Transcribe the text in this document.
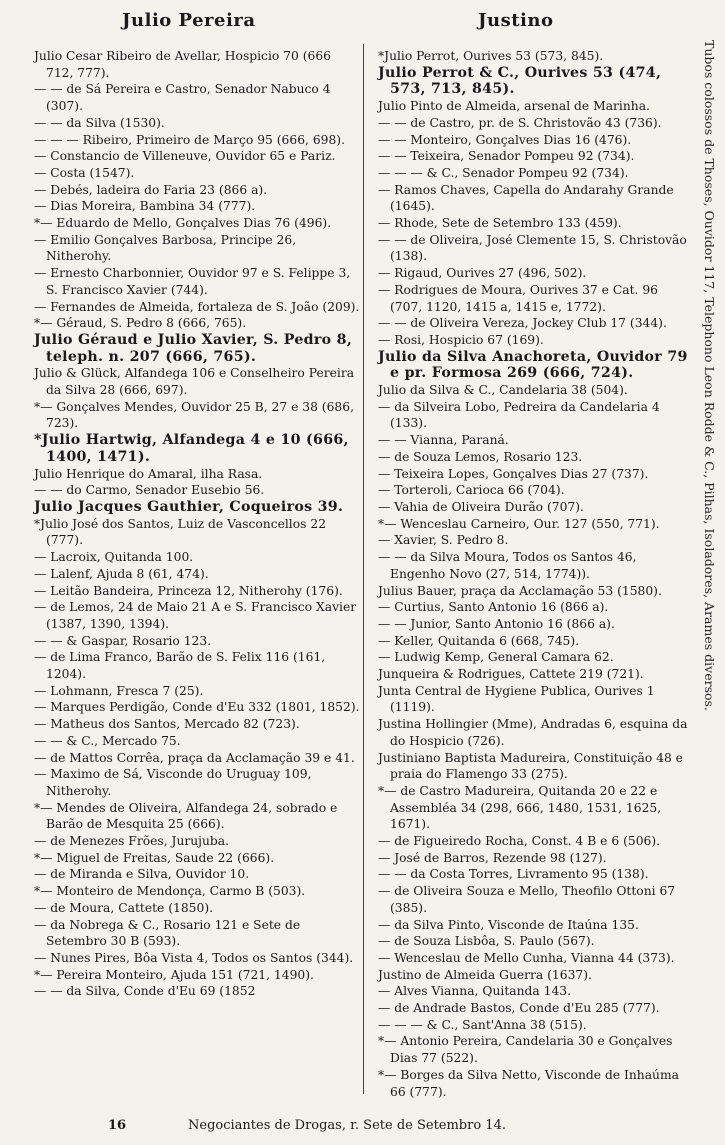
Julio Pereira	Justino

Julio Cesar Ribeiro de Avellar, Hospicio 70 (666 712, 777).

— — de Sá Pereira e Castro, Senador Nabuco 4 (307).

— — da Silva (1530).

— — — Ribeiro, Primeiro de Março 95 (666, 698).

— Constancio de Villeneuve, Ouvidor 65 e Pariz.

— Costa (1547).

— Debés, ladeira do Faria 23 (866 a).

— Dias Moreira, Bambina 34 (777).

*— Eduardo de Mello, Gonçalves Dias 76 (496).

— Emilio Gonçalves Barbosa, Principe 26, Nitherohy.

— Ernesto Charbonnier, Ouvidor 97 e S. Felippe 3, S. Francisco Xavier (744).

— Fernandes de Almeida, fortaleza de S. João (209).

*— Géraud, S. Pedro 8 (666, 765).

Julio Géraud e Julio Xavier, S. Pedro 8, teleph. n. 207 (666, 765).

Julio & Glück, Alfandega 106 e Conselheiro Pereira da Silva 28 (666, 697).

*— Gonçalves Mendes, Ouvidor 25 B, 27 e 38 (686, 723).

*Julio Hartwig, Alfandega 4 e 10 (666, 1400, 1471).

Julio Henrique do Amaral, ilha Rasa.

— — do Carmo, Senador Eusebio 56.

Julio Jacques Gauthier, Coqueiros 39.

*Julio José dos Santos, Luiz de Vasconcellos 22 (777).

— Lacroix, Quitanda 100.

— Lalenf, Ajuda 8 (61, 474).

— Leitão Bandeira, Princeza 12, Nitherohy (176).

— de Lemos, 24 de Maio 21 A e S. Francisco Xavier (1387, 1390, 1394).

— — & Gaspar, Rosario 123.

— de Lima Franco, Barão de S. Felix 116 (161, 1204).

— Lohmann, Fresca 7 (25).

— Marques Perdigão, Conde d'Eu 332 (1801, 1852).

— Matheus dos Santos, Mercado 82 (723).

— — & C., Mercado 75.

— de Mattos Corrêa, praça da Acclamação 39 e 41.

— Maximo de Sá, Visconde do Uruguay 109, Nitherohy.

*— Mendes de Oliveira, Alfandega 24, sobrado e Barão de Mesquita 25 (666).

— de Menezes Frões, Jurujuba.

*— Miguel de Freitas, Saude 22 (666).

— de Miranda e Silva, Ouvidor 10.

*— Monteiro de Mendonça, Carmo B (503).

— de Moura, Cattete (1850).

— da Nobrega & C., Rosario 121 e Sete de Setembro 30 B (593).

— Nunes Pires, Bôa Vista 4, Todos os Santos (344).

*— Pereira Monteiro, Ajuda 151 (721, 1490).

— — da Silva, Conde d'Eu 69 (1852

*Julio Perrot, Ourives 53 (573, 845).

Julio Perrot & C., Ourives 53 (474, 573, 713, 845).

Julio Pinto de Almeida, arsenal de Marinha.

— — de Castro, pr. de S. Christovão 43 (736).

— — Monteiro, Gonçalves Dias 16 (476).

— — Teixeira, Senador Pompeu 92 (734).

— — — & C., Senador Pompeu 92 (734).

— Ramos Chaves, Capella do Andarahy Grande (1645).

— Rhode, Sete de Setembro 133 (459).

— — de Oliveira, José Clemente 15, S. Christovão (138).

— Rigaud, Ourives 27 (496, 502).

— Rodrigues de Moura, Ourives 37 e Cat. 96 (707, 1120, 1415 a, 1415 e, 1772).

— — de Oliveira Vereza, Jockey Club 17 (344).

— Rosi, Hospicio 67 (169).

Julio da Silva Anachoreta, Ouvidor 79 e pr. Formosa 269 (666, 724).

Julio da Silva & C., Candelaria 38 (504).

— da Silveira Lobo, Pedreira da Candelaria 4 (133).

— — Vianna, Paraná.

— de Souza Lemos, Rosario 123.

— Teixeira Lopes, Gonçalves Dias 27 (737).

— Torteroli, Carioca 66 (704).

— Vahia de Oliveira Durão (707).

*— Wenceslau Carneiro, Our. 127 (550, 771).

— Xavier, S. Pedro 8.

— — da Silva Moura, Todos os Santos 46, Engenho Novo (27, 514, 1774)).

Julius Bauer, praça da Acclamação 53 (1580).

— Curtius, Santo Antonio 16 (866 a).

— — Junior, Santo Antonio 16 (866 a).

— Keller, Quitanda 6 (668, 745).

— Ludwig Kemp, General Camara 62.

Junqueira & Rodrigues, Cattete 219 (721).

Junta Central de Hygiene Publica, Ourives 1 (1119).

Justina Hollingier (Mme), Andradas 6, esquina da do Hospicio (726).

Justiniano Baptista Madureira, Constituição 48 e praia do Flamengo 33 (275).

*— de Castro Madureira, Quitanda 20 e 22 e Assembléa 34 (298, 666, 1480, 1531, 1625, 1671).

— de Figueiredo Rocha, Const. 4 B e 6 (506).

— José de Barros, Rezende 98 (127).

— — da Costa Torres, Livramento 95 (138).

— de Oliveira Souza e Mello, Theofilo Ottoni 67 (385).

— da Silva Pinto, Visconde de Itaúna 135.

— de Souza Lisbôa, S. Paulo (567).

— Wenceslau de Mello Cunha, Vianna 44 (373).

Justino de Almeida Guerra (1637).

— Alves Vianna, Quitanda 143.

— de Andrade Bastos, Conde d'Eu 285 (777).

— — — & C., Sant'Anna 38 (515).

*— Antonio Pereira, Candelaria 30 e Gonçalves Dias 77 (522).

*— Borges da Silva Netto, Visconde de Inhaúma 66 (777).

Tubos colossos de Thoses, Ouvidor 117, Telephono Leon Rodde & C., Pilhas, Isoladores, Arames diversos.
16	Negociantes de Drogas, r. Sete de Setembro 14.
